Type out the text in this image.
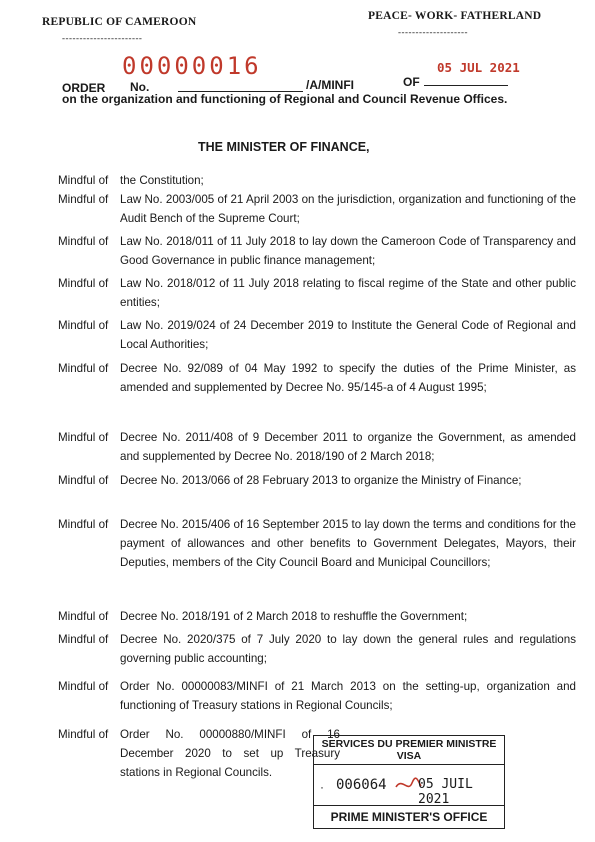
REPUBLIC OF CAMEROON
-----------------------
PEACE- WORK- FATHERLAND
--------------------
00000016	05 JUL 2021
ORDER No.	/A/MINFI	OF
on the organization and functioning of Regional and Council Revenue Offices.
THE MINISTER OF FINANCE,
Mindful of	the Constitution;
Mindful of	Law No. 2003/005 of 21 April 2003 on the jurisdiction, organization and functioning of the Audit Bench of the Supreme Court;
Mindful of	Law No. 2018/011 of 11 July 2018 to lay down the Cameroon Code of Transparency and Good Governance in public finance management;
Mindful of	Law No. 2018/012 of 11 July 2018 relating to fiscal regime of the State and other public entities;
Mindful of	Law No. 2019/024 of 24 December 2019 to Institute the General Code of Regional and Local Authorities;
Mindful of	Decree No. 92/089 of 04 May 1992 to specify the duties of the Prime Minister, as amended and supplemented by Decree No. 95/145-a of 4 August 1995;
Mindful of	Decree No. 2011/408 of 9 December 2011 to organize the Government, as amended and supplemented by Decree No. 2018/190 of 2 March 2018;
Mindful of	Decree No. 2013/066 of 28 February 2013 to organize the Ministry of Finance;
Mindful of	Decree No. 2015/406 of 16 September 2015 to lay down the terms and conditions for the payment of allowances and other benefits to Government Delegates, Mayors, their Deputies, members of the City Council Board and Municipal Councillors;
Mindful of	Decree No. 2018/191 of 2 March 2018 to reshuffle the Government;
Mindful of	Decree No. 2020/375 of 7 July 2020 to lay down the general rules and regulations governing public accounting;
Mindful of	Order No. 00000083/MINFI of 21 March 2013 on the setting-up, organization and functioning of Treasury stations in Regional Councils;
Mindful of	Order No. 00000880/MINFI of 16 December 2020 to set up Treasury stations in Regional Councils.
SERVICES DU PREMIER MINISTRE
VISA
· 006064 05 JUIL 2021
PRIME MINISTER'S OFFICE
